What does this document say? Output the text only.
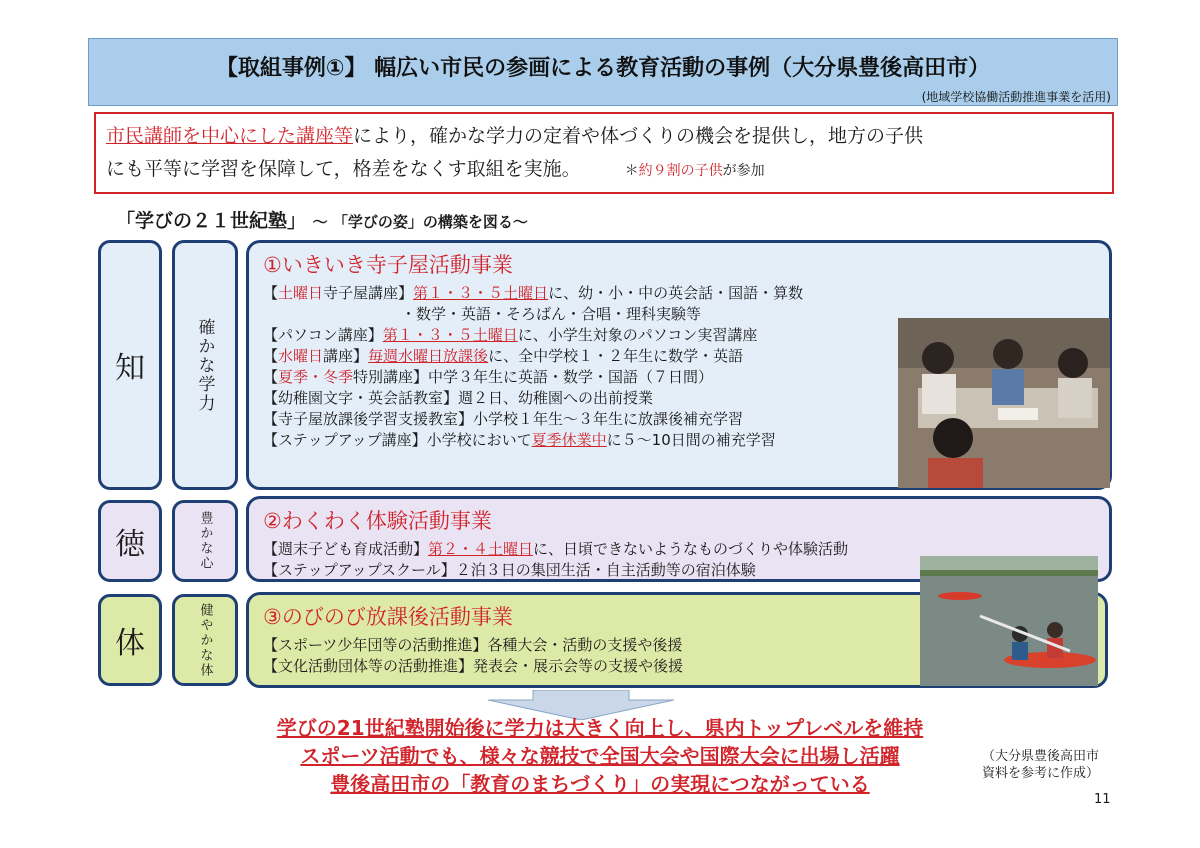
【取組事例①】 幅広い市民の参画による教育活動の事例（大分県豊後高田市）
(地域学校協働活動推進事業を活用)
市民講師を中心にした講座等により，確かな学力の定着や体づくりの機会を提供し，地方の子供
にも平等に学習を保障して，格差をなくす取組を実施。	＊約９割の子供が参加
「学びの２１世紀塾」 ～ 「学びの姿」の構築を図る～
知	確かな学力
①いきいき寺子屋活動事業
【土曜日寺子屋講座】第１・３・５土曜日に、幼・小・中の英会話・国語・算数
・数学・英語・そろばん・合唱・理科実験等
【パソコン講座】第１・３・５土曜日に、小学生対象のパソコン実習講座
【水曜日講座】毎週水曜日放課後に、全中学校１・２年生に数学・英語
【夏季・冬季特別講座】中学３年生に英語・数学・国語（７日間）
【幼稚園文字・英会話教室】週２日、幼稚園への出前授業
【寺子屋放課後学習支援教室】小学校１年生～３年生に放課後補充学習
【ステップアップ講座】小学校において夏季休業中に５～10日間の補充学習
徳	豊かな心 ②わくわく体験活動事業
【週末子ども育成活動】第２・４土曜日に、日頃できないようなものづくりや体験活動
【ステップアップスクール】２泊３日の集団生活・自主活動等の宿泊体験
体	健やかな体 ③のびのび放課後活動事業
【スポーツ少年団等の活動推進】各種大会・活動の支援や後援
【文化活動団体等の活動推進】発表会・展示会等の支援や後援
学びの21世紀塾開始後に学力は大きく向上し、県内トップレベルを維持
スポーツ活動でも、様々な競技で全国大会や国際大会に出場し活躍
豊後高田市の「教育のまちづくり」の実現につながっている
（大分県豊後高田市
資料を参考に作成）
11
